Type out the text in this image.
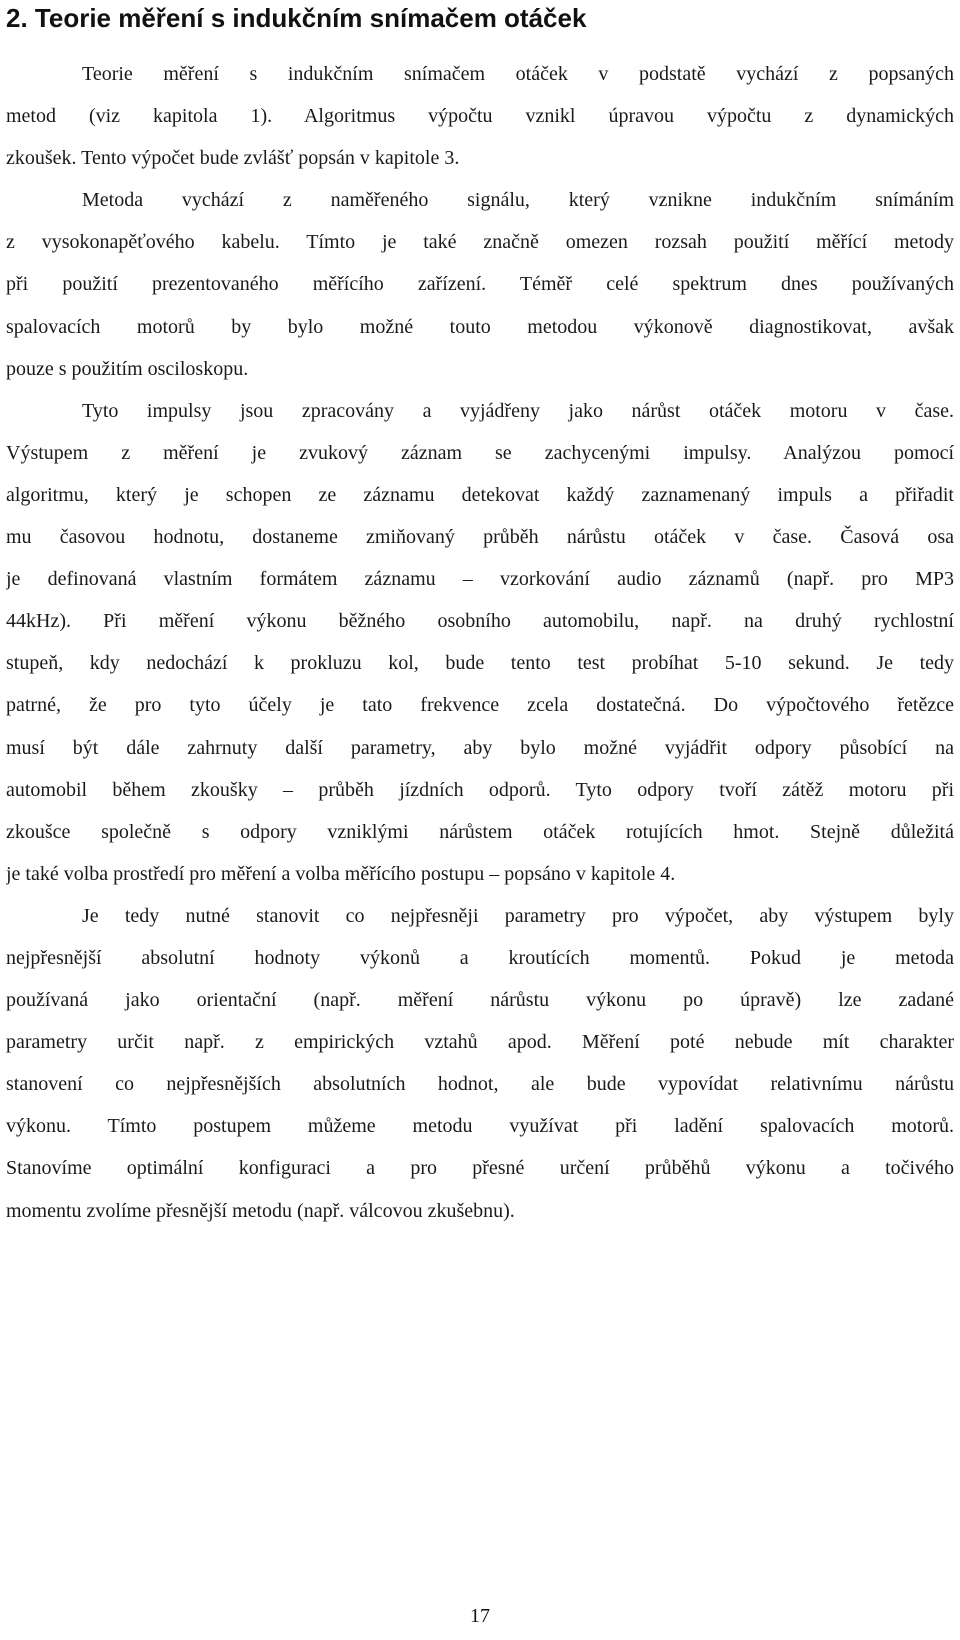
2. Teorie měření s indukčním snímačem otáček
Teorie měření s indukčním snímačem otáček v podstatě vychází z popsaných
metod (viz kapitola 1). Algoritmus výpočtu vznikl úpravou výpočtu z dynamických
zkoušek. Tento výpočet bude zvlášť popsán v kapitole 3.
Metoda vychází z naměřeného signálu, který vznikne indukčním snímáním
z vysokonapěťového kabelu. Tímto je také značně omezen rozsah použití měřící metody
při použití prezentovaného měřícího zařízení. Téměř celé spektrum dnes používaných
spalovacích motorů by bylo možné touto metodou výkonově diagnostikovat, avšak
pouze s použitím osciloskopu.
Tyto impulsy jsou zpracovány a vyjádřeny jako nárůst otáček motoru v čase.
Výstupem z měření je zvukový záznam se zachycenými impulsy. Analýzou pomocí
algoritmu, který je schopen ze záznamu detekovat každý zaznamenaný impuls a přiřadit
mu časovou hodnotu, dostaneme zmiňovaný průběh nárůstu otáček v čase. Časová osa
je definovaná vlastním formátem záznamu – vzorkování audio záznamů (např. pro MP3
44kHz). Při měření výkonu běžného osobního automobilu, např. na druhý rychlostní
stupeň, kdy nedochází k prokluzu kol, bude tento test probíhat 5-10 sekund. Je tedy
patrné, že pro tyto účely je tato frekvence zcela dostatečná. Do výpočtového řetězce
musí být dále zahrnuty další parametry, aby bylo možné vyjádřit odpory působící na
automobil během zkoušky – průběh jízdních odporů. Tyto odpory tvoří zátěž motoru při
zkoušce společně s odpory vzniklými nárůstem otáček rotujících hmot. Stejně důležitá
je také volba prostředí pro měření a volba měřícího postupu – popsáno v kapitole 4.
Je tedy nutné stanovit co nejpřesněji parametry pro výpočet, aby výstupem byly
nejpřesnější absolutní hodnoty výkonů a kroutících momentů. Pokud je metoda
používaná jako orientační (např. měření nárůstu výkonu po úpravě) lze zadané
parametry určit např. z empirických vztahů apod. Měření poté nebude mít charakter
stanovení co nejpřesnějších absolutních hodnot, ale bude vypovídat relativnímu nárůstu
výkonu. Tímto postupem můžeme metodu využívat při ladění spalovacích motorů.
Stanovíme optimální konfiguraci a pro přesné určení průběhů výkonu a točivého
momentu zvolíme přesnější metodu (např. válcovou zkušebnu).
17
